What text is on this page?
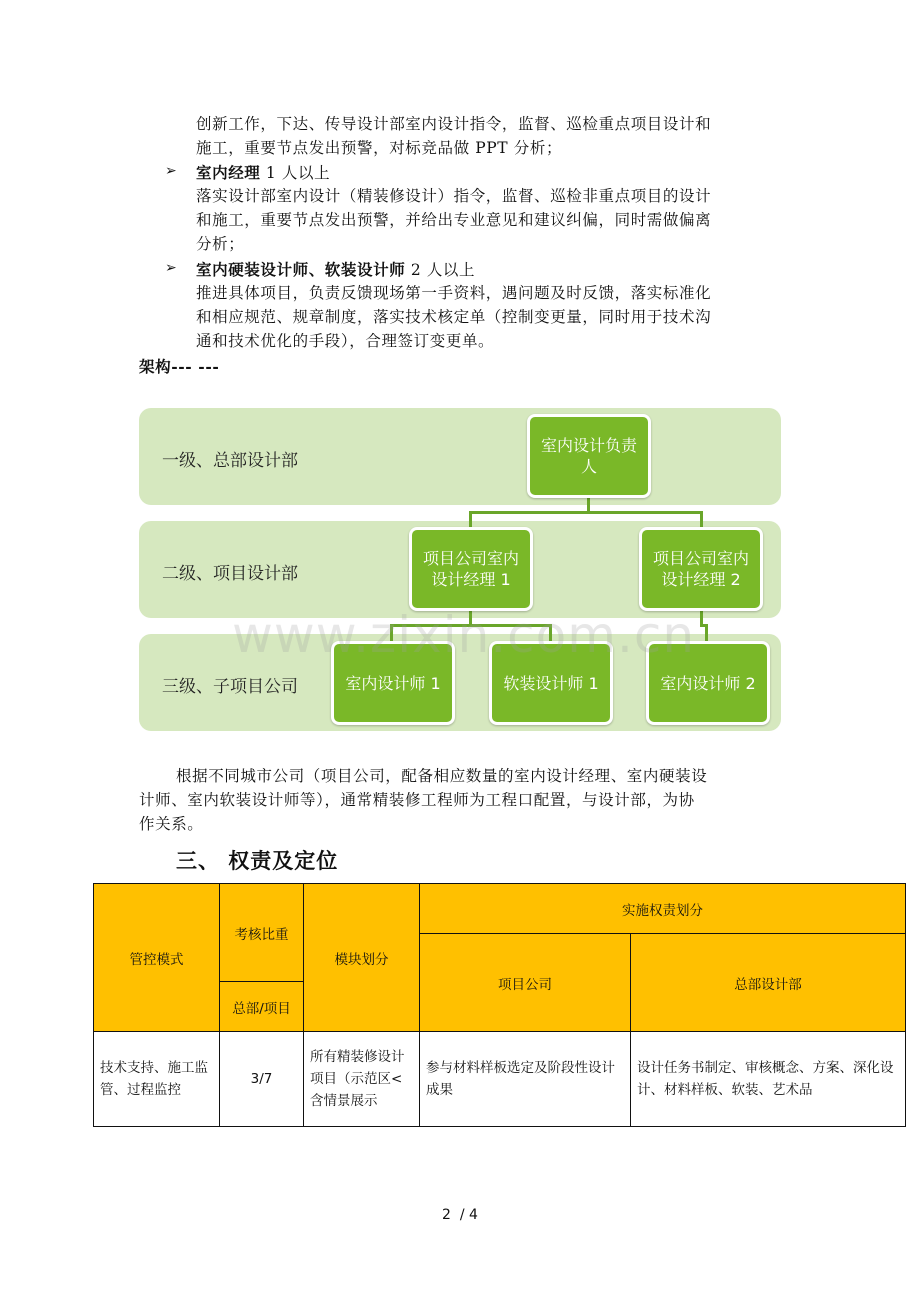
创新工作，下达、传导设计部室内设计指令，监督、巡检重点项目设计和
施工，重要节点发出预警，对标竞品做 PPT 分析；
➢ 室内经理 1 人以上
落实设计部室内设计（精装修设计）指令，监督、巡检非重点项目的设计
和施工，重要节点发出预警，并给出专业意见和建议纠偏，同时需做偏离
分析；
➢ 室内硬装设计师、软装设计师 2 人以上
推进具体项目，负责反馈现场第一手资料，遇问题及时反馈，落实标准化
和相应规范、规章制度，落实技术核定单（控制变更量，同时用于技术沟
通和技术优化的手段），合理签订变更单。
架构--- ---
一级、总部设计部
二级、项目设计部
三级、子项目公司
室内设计负责人
项目公司室内设计经理 1
项目公司室内设计经理 2
室内设计师 1	软装设计师 1	室内设计师 2
www.zixin.com.cn
根据不同城市公司（项目公司，配备相应数量的室内设计经理、室内硬装设
计师、室内软装设计师等），通常精装修工程师为工程口配置，与设计部，为协
作关系。
三、 权责及定位
管控模式	考核比重	模块划分	实施权责划分	
			项目公司	总部设计部
	总部/项目			
技术支持、施工监管、过程监控	3/7	所有精装修设计项目（示范区<含情景展示	参与材料样板选定及阶段性设计成果	设计任务书制定、审核概念、方案、深化设计、材料样板、软装、艺术品
2  / 4
